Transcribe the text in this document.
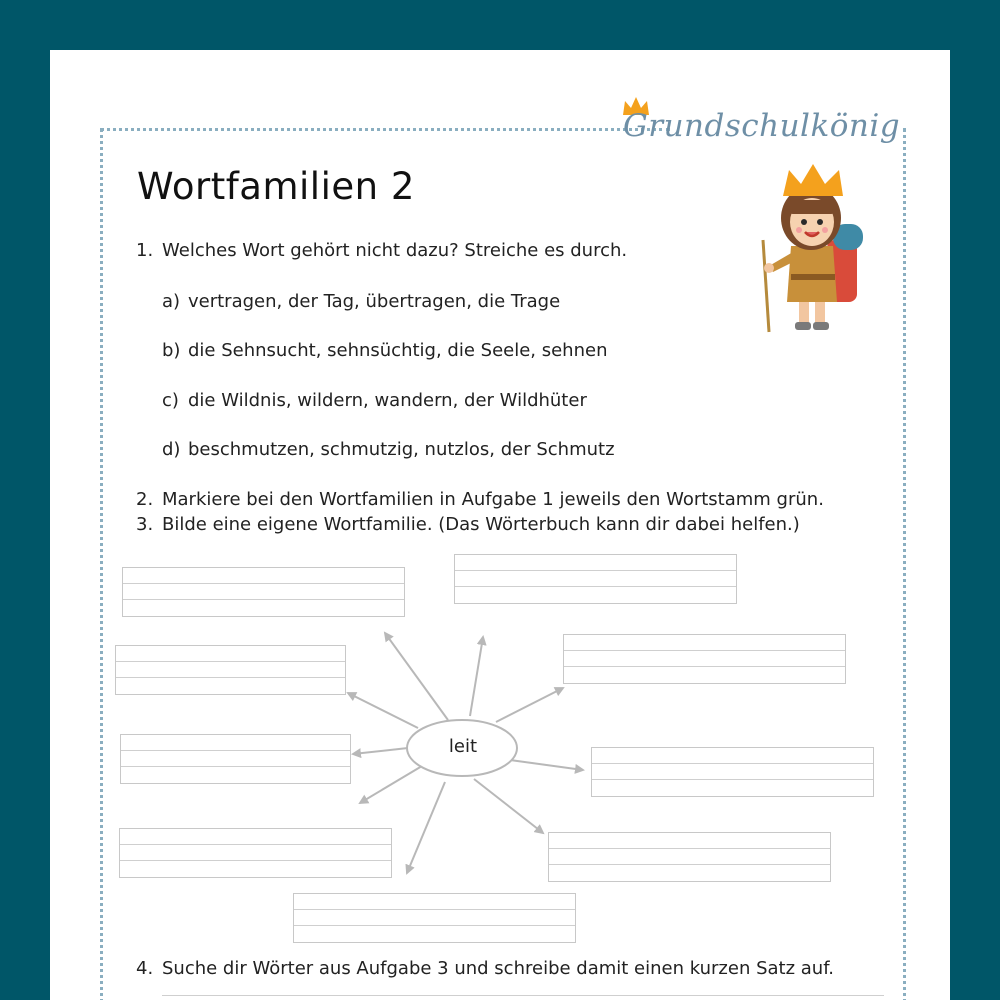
Grundschulkönig
Wortfamilien 2
1. Welches Wort gehört nicht dazu? Streiche es durch.
a) vertragen, der Tag, übertragen, die Trage
b) die Sehnsucht, sehnsüchtig, die Seele, sehnen
c) die Wildnis, wildern, wandern, der Wildhüter
d) beschmutzen, schmutzig, nutzlos, der Schmutz
2. Markiere bei den Wortfamilien in Aufgabe 1 jeweils den Wortstamm grün.
3. Bilde eine eigene Wortfamilie. (Das Wörterbuch kann dir dabei helfen.)
leit
4. Suche dir Wörter aus Aufgabe 3 und schreibe damit einen kurzen Satz auf.
